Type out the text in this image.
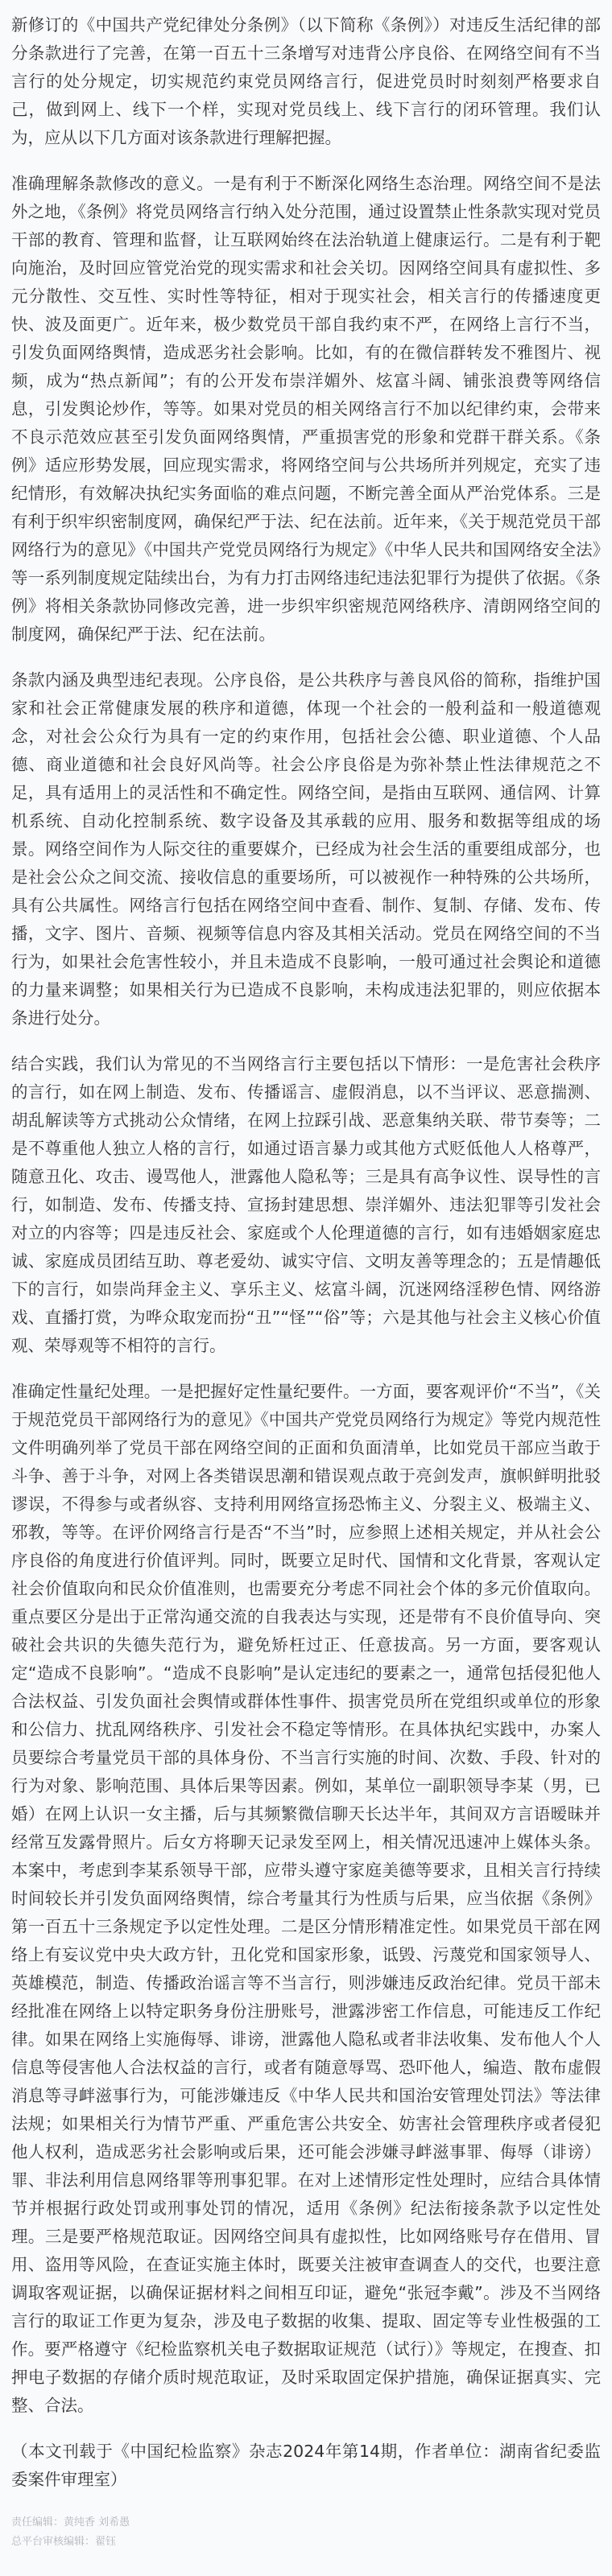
新修订的《中国共产党纪律处分条例》（以下简称《条例》）对违反生活纪律的部分条款进行了完善，在第一百五十三条增写对违背公序良俗、在网络空间有不当言行的处分规定，切实规范约束党员网络言行，促进党员时时刻刻严格要求自己，做到网上、线下一个样，实现对党员线上、线下言行的闭环管理。我们认为，应从以下几方面对该条款进行理解把握。

准确理解条款修改的意义。一是有利于不断深化网络生态治理。网络空间不是法外之地，《条例》将党员网络言行纳入处分范围，通过设置禁止性条款实现对党员干部的教育、管理和监督，让互联网始终在法治轨道上健康运行。二是有利于靶向施治，及时回应管党治党的现实需求和社会关切。因网络空间具有虚拟性、多元分散性、交互性、实时性等特征，相对于现实社会，相关言行的传播速度更快、波及面更广。近年来，极少数党员干部自我约束不严，在网络上言行不当，引发负面网络舆情，造成恶劣社会影响。比如，有的在微信群转发不雅图片、视频，成为“热点新闻”；有的公开发布崇洋媚外、炫富斗阔、铺张浪费等网络信息，引发舆论炒作，等等。如果对党员的相关网络言行不加以纪律约束，会带来不良示范效应甚至引发负面网络舆情，严重损害党的形象和党群干群关系。《条例》适应形势发展，回应现实需求，将网络空间与公共场所并列规定，充实了违纪情形，有效解决执纪实务面临的难点问题，不断完善全面从严治党体系。三是有利于织牢织密制度网，确保纪严于法、纪在法前。近年来，《关于规范党员干部网络行为的意见》《中国共产党党员网络行为规定》《中华人民共和国网络安全法》等一系列制度规定陆续出台，为有力打击网络违纪违法犯罪行为提供了依据。《条例》将相关条款协同修改完善，进一步织牢织密规范网络秩序、清朗网络空间的制度网，确保纪严于法、纪在法前。

条款内涵及典型违纪表现。公序良俗，是公共秩序与善良风俗的简称，指维护国家和社会正常健康发展的秩序和道德，体现一个社会的一般利益和一般道德观念，对社会公众行为具有一定的约束作用，包括社会公德、职业道德、个人品德、商业道德和社会良好风尚等。社会公序良俗是为弥补禁止性法律规范之不足，具有适用上的灵活性和不确定性。网络空间，是指由互联网、通信网、计算机系统、自动化控制系统、数字设备及其承载的应用、服务和数据等组成的场景。网络空间作为人际交往的重要媒介，已经成为社会生活的重要组成部分，也是社会公众之间交流、接收信息的重要场所，可以被视作一种特殊的公共场所，具有公共属性。网络言行包括在网络空间中查看、制作、复制、存储、发布、传播，文字、图片、音频、视频等信息内容及其相关活动。党员在网络空间的不当行为，如果社会危害性较小，并且未造成不良影响，一般可通过社会舆论和道德的力量来调整；如果相关行为已造成不良影响，未构成违法犯罪的，则应依据本条进行处分。

结合实践，我们认为常见的不当网络言行主要包括以下情形：一是危害社会秩序的言行，如在网上制造、发布、传播谣言、虚假消息，以不当评议、恶意揣测、胡乱解读等方式挑动公众情绪，在网上拉踩引战、恶意集纳关联、带节奏等；二是不尊重他人独立人格的言行，如通过语言暴力或其他方式贬低他人人格尊严，随意丑化、攻击、谩骂他人，泄露他人隐私等；三是具有高争议性、误导性的言行，如制造、发布、传播支持、宣扬封建思想、崇洋媚外、违法犯罪等引发社会对立的内容等；四是违反社会、家庭或个人伦理道德的言行，如有违婚姻家庭忠诚、家庭成员团结互助、尊老爱幼、诚实守信、文明友善等理念的；五是情趣低下的言行，如崇尚拜金主义、享乐主义、炫富斗阔，沉迷网络淫秽色情、网络游戏、直播打赏，为哗众取宠而扮“丑”“怪”“俗”等；六是其他与社会主义核心价值观、荣辱观等不相符的言行。

准确定性量纪处理。一是把握好定性量纪要件。一方面，要客观评价“不当”，《关于规范党员干部网络行为的意见》《中国共产党党员网络行为规定》等党内规范性文件明确列举了党员干部在网络空间的正面和负面清单，比如党员干部应当敢于斗争、善于斗争，对网上各类错误思潮和错误观点敢于亮剑发声，旗帜鲜明批驳谬误，不得参与或者纵容、支持利用网络宣扬恐怖主义、分裂主义、极端主义、邪教，等等。在评价网络言行是否“不当”时，应参照上述相关规定，并从社会公序良俗的角度进行价值评判。同时，既要立足时代、国情和文化背景，客观认定社会价值取向和民众价值准则，也需要充分考虑不同社会个体的多元价值取向。重点要区分是出于正常沟通交流的自我表达与实现，还是带有不良价值导向、突破社会共识的失德失范行为，避免矫枉过正、任意拔高。另一方面，要客观认定“造成不良影响”。“造成不良影响”是认定违纪的要素之一，通常包括侵犯他人合法权益、引发负面社会舆情或群体性事件、损害党员所在党组织或单位的形象和公信力、扰乱网络秩序、引发社会不稳定等情形。在具体执纪实践中，办案人员要综合考量党员干部的具体身份、不当言行实施的时间、次数、手段、针对的行为对象、影响范围、具体后果等因素。例如，某单位一副职领导李某（男，已婚）在网上认识一女主播，后与其频繁微信聊天长达半年，其间双方言语暧昧并经常互发露骨照片。后女方将聊天记录发至网上，相关情况迅速冲上媒体头条。本案中，考虑到李某系领导干部，应带头遵守家庭美德等要求，且相关言行持续时间较长并引发负面网络舆情，综合考量其行为性质与后果，应当依据《条例》第一百五十三条规定予以定性处理。二是区分情形精准定性。如果党员干部在网络上有妄议党中央大政方针，丑化党和国家形象，诋毁、污蔑党和国家领导人、英雄模范，制造、传播政治谣言等不当言行，则涉嫌违反政治纪律。党员干部未经批准在网络上以特定职务身份注册账号，泄露涉密工作信息，可能违反工作纪律。如果在网络上实施侮辱、诽谤，泄露他人隐私或者非法收集、发布他人个人信息等侵害他人合法权益的言行，或者有随意辱骂、恐吓他人，编造、散布虚假消息等寻衅滋事行为，可能涉嫌违反《中华人民共和国治安管理处罚法》等法律法规；如果相关行为情节严重、严重危害公共安全、妨害社会管理秩序或者侵犯他人权利，造成恶劣社会影响或后果，还可能会涉嫌寻衅滋事罪、侮辱（诽谤）罪、非法利用信息网络罪等刑事犯罪。在对上述情形定性处理时，应结合具体情节并根据行政处罚或刑事处罚的情况，适用《条例》纪法衔接条款予以定性处理。三是要严格规范取证。因网络空间具有虚拟性，比如网络账号存在借用、冒用、盗用等风险，在查证实施主体时，既要关注被审查调查人的交代，也要注意调取客观证据，以确保证据材料之间相互印证，避免“张冠李戴”。涉及不当网络言行的取证工作更为复杂，涉及电子数据的收集、提取、固定等专业性极强的工作。要严格遵守《纪检监察机关电子数据取证规范（试行）》等规定，在搜查、扣押电子数据的存储介质时规范取证，及时采取固定保护措施，确保证据真实、完整、合法。

（本文刊载于《中国纪检监察》杂志2024年第14期，作者单位：湖南省纪委监委案件审理室）

责任编辑：黄纯香 刘希愚

总平台审核编辑：翟钰
